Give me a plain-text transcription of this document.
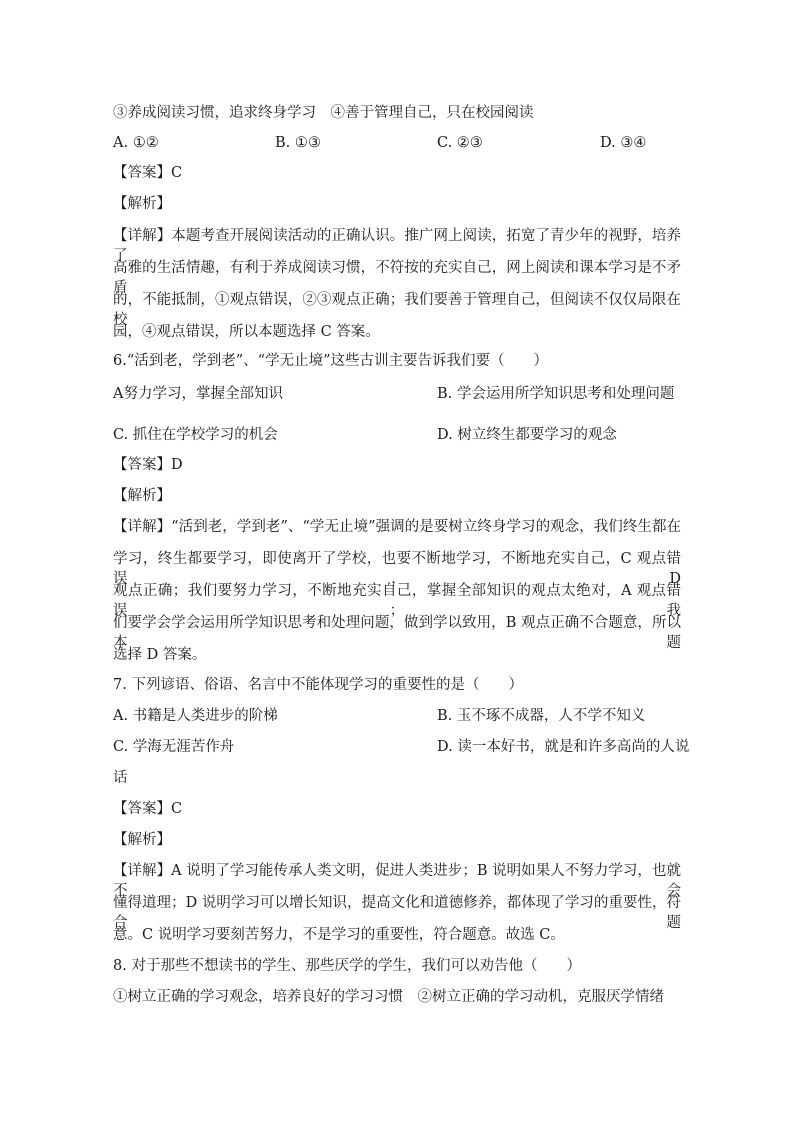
③养成阅读习惯，追求终身学习　④善于管理自己，只在校园阅读
A. ①②	B. ①③	C. ②③	D. ③④
【答案】C
【解析】
【详解】本题考查开展阅读活动的正确认识。推广网上阅读，拓宽了青少年的视野，培养了
高雅的生活情趣，有利于养成阅读习惯，不符按的充实自己，网上阅读和课本学习是不矛盾
的，不能抵制，①观点错误，②③观点正确；我们要善于管理自己，但阅读不仅仅局限在校
园，④观点错误，所以本题选择 C 答案。
6.“活到老，学到老”、“学无止境”这些古训主要告诉我们要（　　）
A努力学习，掌握全部知识	B. 学会运用所学知识思考和处理问题
C. 抓住在学校学习的机会	D. 树立终生都要学习的观念
【答案】D
【解析】
【详解】“活到老，学到老”、“学无止境”强调的是要树立终身学习的观念，我们终生都在
学习，终生都要学习，即使离开了学校，也要不断地学习，不断地充实自己，C 观点错误，D
观点正确；我们要努力学习，不断地充实自己，掌握全部知识的观点太绝对，A 观点错误；我
们要学会学会运用所学知识思考和处理问题，做到学以致用，B 观点正确不合题意，所以本题
选择 D 答案。
7. 下列谚语、俗语、名言中不能体现学习的重要性的是（　　）
A. 书籍是人类进步的阶梯	B. 玉不琢不成器，人不学不知义
C. 学海无涯苦作舟	D. 读一本好书，就是和许多高尚的人说
话
【答案】C
【解析】
【详解】A 说明了学习能传承人类文明，促进人类进步；B 说明如果人不努力学习，也就不会
懂得道理；D 说明学习可以增长知识，提高文化和道德修养，都体现了学习的重要性，符合题
意。C 说明学习要刻苦努力，不是学习的重要性，符合题意。故选 C。
8. 对于那些不想读书的学生、那些厌学的学生，我们可以劝告他（　　）
①树立正确的学习观念，培养良好的学习习惯　②树立正确的学习动机，克服厌学情绪
